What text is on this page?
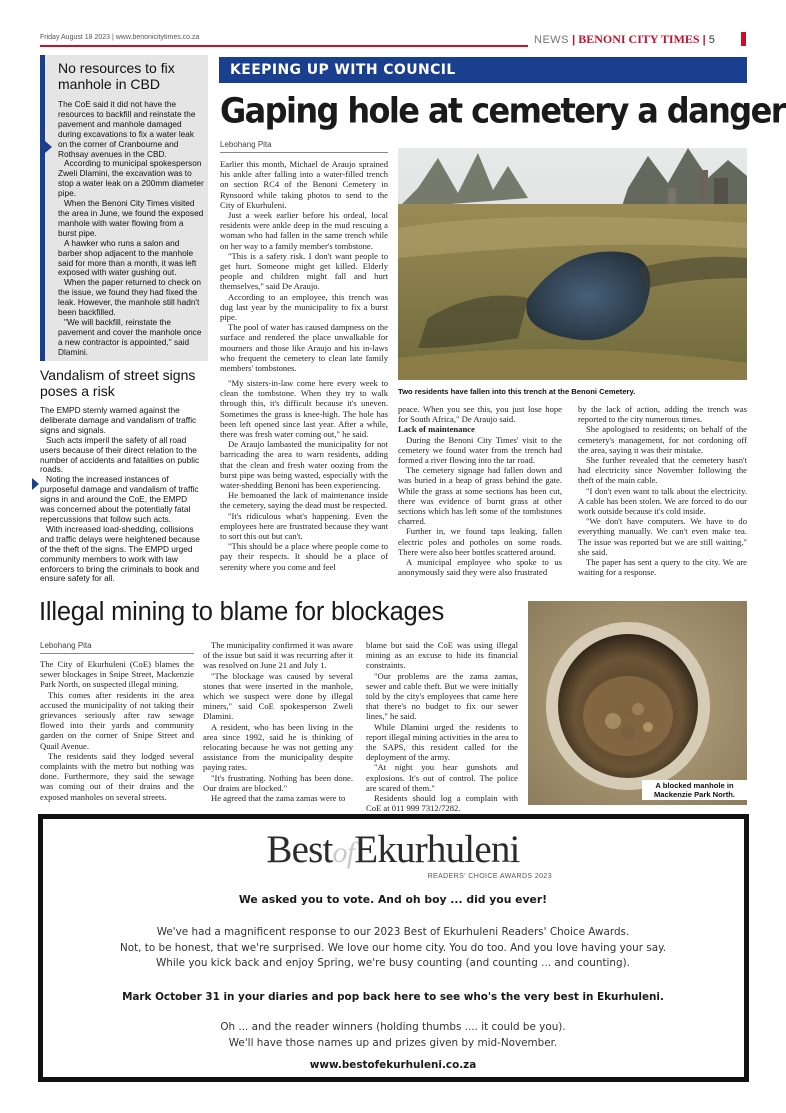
Friday August 18 2023 | www.benonicitytimes.co.za	NEWS | BENONI CITY TIMES | 5
No resources to fix manhole in CBD

The CoE said it did not have the resources to backfill and reinstate the pavement and manhole damaged during excavations to fix a water leak on the corner of Cranbourne and Rothsay avenues in the CBD.

According to municipal spokesperson Zweli Dlamini, the excavation was to stop a water leak on a 200mm diameter pipe.

When the Benoni City Times visited the area in June, we found the exposed manhole with water flowing from a burst pipe.

A hawker who runs a salon and barber shop adjacent to the manhole said for more than a month, it was left exposed with water gushing out.

When the paper returned to check on the issue, we found they had fixed the leak. However, the manhole still hadn't been backfilled.

"We will backfill, reinstate the pavement and cover the manhole once a new contractor is appointed," said Dlamini.

Vandalism of street signs poses a risk

The EMPD sternly warned against the deliberate damage and vandalism of traffic signs and signals.

Such acts imperil the safety of all road users because of their direct relation to the number of accidents and fatalities on public roads.

Noting the increased instances of purposeful damage and vandalism of traffic signs in and around the CoE, the EMPD was concerned about the potentially fatal repercussions that follow such acts.

With increased load-shedding, collisions and traffic delays were heightened because of the theft of the signs. The EMPD urged community members to work with law enforcers to bring the criminals to book and ensure safety for all.

KEEPING UP WITH COUNCIL
Gaping hole at cemetery a danger
Lebohang Pita
Two residents have fallen into this trench at the Benoni Cemetery.

Earlier this month, Michael de Araujo sprained his ankle after falling into a water-filled trench on section RC4 of the Benoni Cemetery in Rynsoord while taking photos to send to the City of Ekurhuleni.

Just a week earlier before his ordeal, local residents were ankle deep in the mud rescuing a woman who had fallen in the same trench while on her way to a family member's tombstone.

"This is a safety risk. I don't want people to get hurt. Someone might get killed. Elderly people and children might fall and hurt themselves," said De Araujo.

According to an employee, this trench was dug last year by the municipality to fix a burst pipe.

The pool of water has caused dampness on the surface and rendered the place unwalkable for mourners and those like Araujo and his in-laws who frequent the cemetery to clean late family members' tombstones.

"My sisters-in-law come here every week to clean the tombstone. When they try to walk through this, it's difficult because it's uneven. Sometimes the grass is knee-high. The hole has been left opened since last year. After a while, there was fresh water coming out," he said.

De Araujo lambasted the municipality for not barricading the area to warn residents, adding that the clean and fresh water oozing from the burst pipe was being wasted, especially with the water-shedding Benoni has been experiencing.

He bemoaned the lack of maintenance inside the cemetery, saying the dead must be respected.

"It's ridiculous what's happening. Even the employees here are frustrated because they want to sort this out but can't.

"This should be a place where people come to pay their respects. It should be a place of serenity where you come and feel

peace. When you see this, you just lose hope for South Africa," De Araujo said.

Lack of maintenance

During the Benoni City Times' visit to the cemetery we found water from the trench had formed a river flowing into the tar road.

The cemetery signage had fallen down and was buried in a heap of grass behind the gate. While the grass at some sections has been cut, there was evidence of burnt grass at other sections which has left some of the tombstones charred.

Further in, we found taps leaking, fallen electric poles and potholes on some roads. There were also beer bottles scattered around.

A municipal employee who spoke to us anonymously said they were also frustrated

by the lack of action, adding the trench was reported to the city numerous times.

She apologised to residents; on behalf of the cemetery's management, for not cordoning off the area, saying it was their mistake.

She further revealed that the cemetery hasn't had electricity since November following the theft of the main cable.

"I don't even want to talk about the electricity. A cable has been stolen. We are forced to do our work outside because it's cold inside.

"We don't have computers. We have to do everything manually. We can't even make tea. The issue was reported but we are still waiting," she said.

The paper has sent a query to the city. We are waiting for a response.

Illegal mining to blame for blockages
Lebohang Pita

The City of Ekurhuleni (CoE) blames the sewer blockages in Snipe Street, Mackenzie Park North, on suspected illegal mining.

This comes after residents in the area accused the municipality of not taking their grievances seriously after raw sewage flowed into their yards and community garden on the corner of Snipe Street and Quail Avenue.

The residents said they lodged several complaints with the metro but nothing was done. Furthermore, they said the sewage was coming out of their drains and the exposed manholes on several streets.

The municipality confirmed it was aware of the issue but said it was recurring after it was resolved on June 21 and July 1.

"The blockage was caused by several stones that were inserted in the manhole, which we suspect were done by illegal miners," said CoE spokesperson Zweli Dlamini.

A resident, who has been living in the area since 1992, said he is thinking of relocating because he was not getting any assistance from the municipality despite paying rates.

"It's frustrating. Nothing has been done. Our drains are blocked."

He agreed that the zama zamas were to

blame but said the CoE was using illegal mining as an excuse to hide its financial constraints.

"Our problems are the zama zamas, sewer and cable theft. But we were initially told by the city's employees that came here that there's no budget to fix our sewer lines," he said.

While Dlamini urged the residents to report illegal mining activities in the area to the SAPS, this resident called for the deployment of the army.

"At night you hear gunshots and explosions. It's out of control. The police are scared of them."

Residents should log a complain with CoE at 011 999 7312/7282.

A blocked manhole in
Mackenzie Park North.
BestofEkurhuleni
READERS' CHOICE AWARDS 2023
We asked you to vote. And oh boy ... did you ever!
We've had a magnificent response to our 2023 Best of Ekurhuleni Readers' Choice Awards.
Not, to be honest, that we're surprised. We love our home city. You do too. And you love having your say.
While you kick back and enjoy Spring, we're busy counting (and counting ... and counting).
Mark October 31 in your diaries and pop back here to see who's the very best in Ekurhuleni.
Oh ... and the reader winners (holding thumbs .... it could be you).
We'll have those names up and prizes given by mid-November.
www.bestofekurhuleni.co.za
